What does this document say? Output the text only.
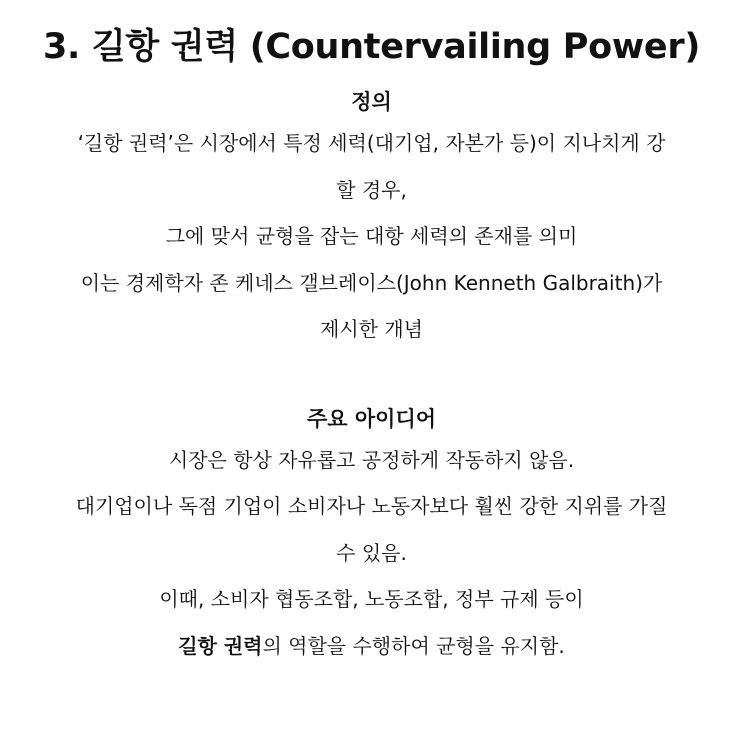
3. 길항 권력 (Countervailing Power)
정의

‘길항 권력’은 시장에서 특정 세력(대기업, 자본가 등)이 지나치게 강
할 경우,

그에 맞서 균형을 잡는 대항 세력의 존재를 의미

이는 경제학자 존 케네스 갤브레이스(John Kenneth Galbraith)가
제시한 개념

주요 아이디어

시장은 항상 자유롭고 공정하게 작동하지 않음.

대기업이나 독점 기업이 소비자나 노동자보다 훨씬 강한 지위를 가질
수 있음.

이때, 소비자 협동조합, 노동조합, 정부 규제 등이

길항 권력의 역할을 수행하여 균형을 유지함.
